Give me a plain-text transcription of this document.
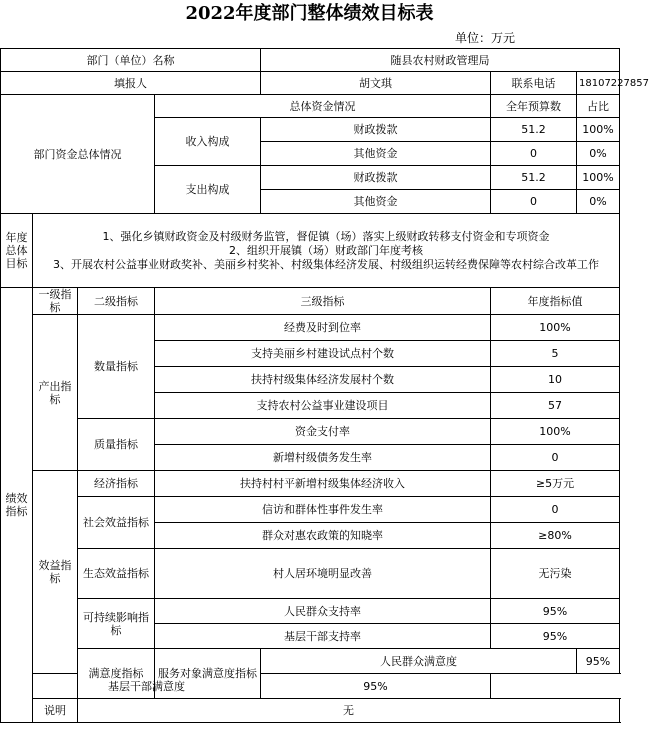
2022年度部门整体绩效目标表
单位：万元
部门（单位）名称				随县农村财政管理局		
填报人				胡文琪	联系电话	18107227857
部门资金总体情况			总体资金情况		全年预算数	占比
			收入构成	财政拨款	51.2	100%
				其他资金	0	0%
			支出构成	财政拨款	51.2	100%
				其他资金	0	0%
年度总体目标	1、强化乡镇财政资金及村级财务监管，督促镇（场）落实上级财政转移支付资金和专项资金
2、组织开展镇（场）财政部门年度考核
3、开展农村公益事业财政奖补、美丽乡村奖补、村级集体经济发展、村级组织运转经费保障等农村综合改革工作					

绩效指标	一级指标	二级指标	三级指标		年度指标值	
	产出指标	数量指标	经费及时到位率		100%	
			支持美丽乡村建设试点村个数		5	
			扶持村级集体经济发展村个数		10	
			支持农村公益事业建设项目		57	
		质量指标	资金支付率		100%	
			新增村级债务发生率		0	
	效益指标	经济指标	扶持村村平新增村级集体经济收入		≥5万元	
		社会效益指标	信访和群体性事件发生率		0	
			群众对惠农政策的知晓率		≥80%	
		生态效益指标	村人居环境明显改善		无污染	
		可持续影响指标	人民群众支持率		95%	
			基层干部支持率		95%	
		满意度指标	服务对象满意度指标	人民群众满意度		95%
	基层干部满意度			95%		
	说明	无				
